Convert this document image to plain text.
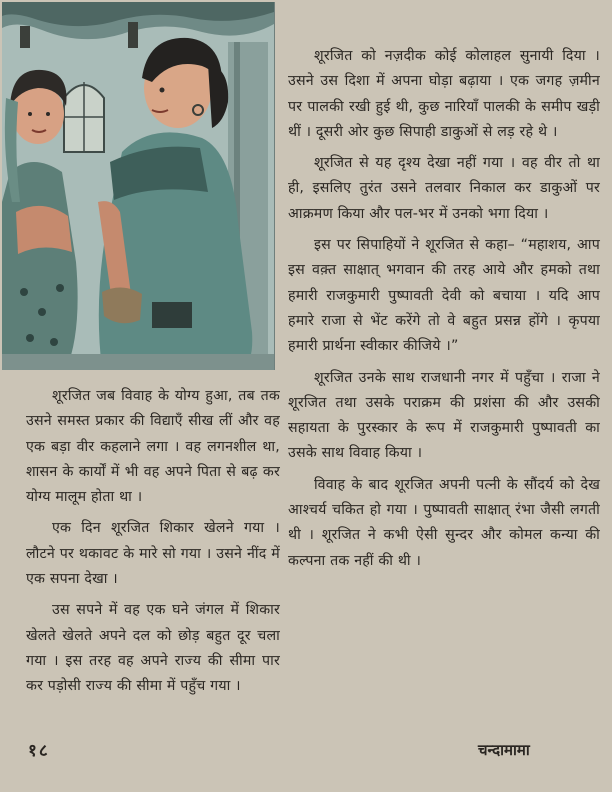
शूरजित को नज़दीक कोई कोलाहल सुनायी दिया । उसने उस दिशा में अपना घोड़ा बढ़ाया । एक जगह ज़मीन पर पालकी रखी हुई थी, कुछ नारियाँ पालकी के समीप खड़ी थीं । दूसरी ओर कुछ सिपाही डाकुओं से लड़ रहे थे ।

शूरजित से यह दृश्य देखा नहीं गया । वह वीर तो था ही, इसलिए तुरंत उसने तलवार निकाल कर डाकुओं पर आक्रमण किया और पल-भर में उनको भगा दिया ।

इस पर सिपाहियों ने शूरजित से कहा– “महाशय, आप इस वक़्त साक्षात् भगवान की तरह आये और हमको तथा हमारी राजकुमारी पुष्पावती देवी को बचाया । यदि आप हमारे राजा से भेंट करेंगे तो वे बहुत प्रसन्न होंगे । कृपया हमारी प्रार्थना स्वीकार कीजिये ।”

शूरजित उनके साथ राजधानी नगर में पहुँचा । राजा ने शूरजित तथा उसके पराक्रम की प्रशंसा की और उसकी सहायता के पुरस्कार के रूप में राजकुमारी पुष्पावती का उसके साथ विवाह किया ।

विवाह के बाद शूरजित अपनी पत्नी के सौंदर्य को देख आश्चर्य चकित हो गया । पुष्पावती साक्षात् रंभा जैसी लगती थी । शूरजित ने कभी ऐसी सुन्दर और कोमल कन्या की कल्पना तक नहीं की थी ।

शूरजित जब विवाह के योग्य हुआ, तब तक उसने समस्त प्रकार की विद्याएँ सीख लीं और वह एक बड़ा वीर कहलाने लगा । वह लगनशील था, शासन के कार्यों में भी वह अपने पिता से बढ़ कर योग्य मालूम होता था ।

एक दिन शूरजित शिकार खेलने गया । लौटने पर थकावट के मारे सो गया । उसने नींद में एक सपना देखा ।

उस सपने में वह एक घने जंगल में शिकार खेलते खेलते अपने दल को छोड़ बहुत दूर चला गया । इस तरह वह अपने राज्य की सीमा पार कर पड़ोसी राज्य की सीमा में पहुँच गया ।

१८	चन्दामामा
